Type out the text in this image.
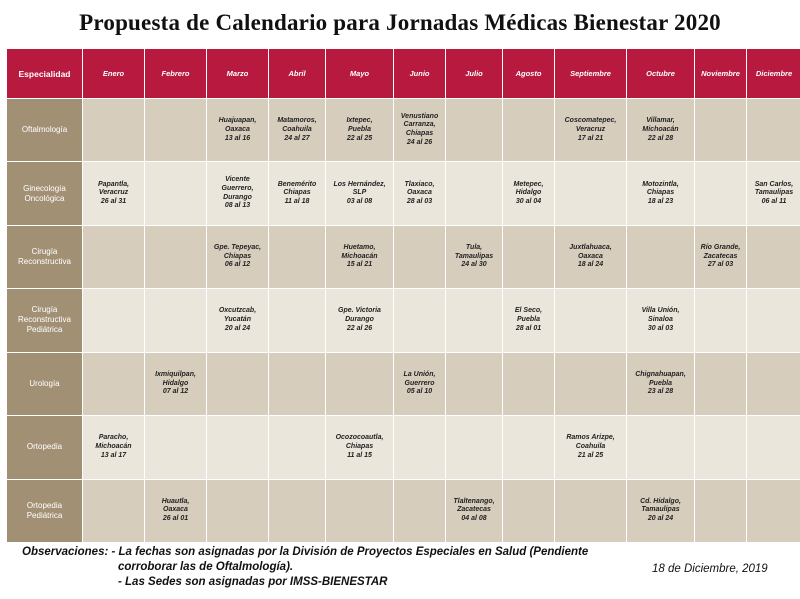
Propuesta de Calendario para Jornadas Médicas Bienestar 2020
Especialidad	Enero	Febrero	Marzo	Abril	Mayo	Junio	Julio	Agosto	Septiembre	Octubre	Noviembre	Diciembre
Oftalmología			Huajuapan,
Oaxaca
13 al 16	Matamoros,
Coahuila
24 al 27	Ixtepec,
Puebla
22 al 25	Venustiano
Carranza,
Chiapas
24 al 26			Coscomatepec,
Veracruz
17 al 21	Villamar,
Michoacán
22 al 28		
Ginecología
Oncológica	Papantla,
Veracruz
26 al 31		Vicente
Guerrero,
Durango
08 al 13	Benemérito
Chiapas
11 al 18	Los Hernández,
SLP
03 al 08	Tlaxiaco,
Oaxaca
28 al 03		Metepec,
Hidalgo
30 al 04		Motozintla,
Chiapas
18 al 23		San Carlos,
Tamaulipas
06 al 11
Cirugía
Reconstructiva			Gpe. Tepeyac,
Chiapas
06 al 12		Huetamo,
Michoacán
15 al 21		Tula,
Tamaulipas
24 al 30		Juxtlahuaca,
Oaxaca
18 al 24		Río Grande,
Zacatecas
27 al 03	
Cirugía
Reconstructiva
Pediátrica			Oxcutzcab,
Yucatán
20 al 24		Gpe. Victoria
Durango
22 al 26			El Seco,
Puebla
28 al 01		Villa Unión, Sinaloa
30 al 03		
Urología		Ixmiquilpan,
Hidalgo
07 al 12				La Unión,
Guerrero
05 al 10				Chignahuapan,
Puebla
23 al 28		
Ortopedia	Paracho,
Michoacán
13 al 17				Ocozocoautla,
Chiapas
11 al 15				Ramos Arizpe,
Coahuila
21 al 25			
Ortopedia
Pediátrica		Huautla,
Oaxaca
26 al 01					Tlaltenango,
Zacatecas
04 al 08			Cd. Hidalgo,
Tamaulipas
20 al 24		
Observaciones: - La fechas son asignadas por la División de Proyectos Especiales en Salud (Pendiente
corroborar las de Oftalmología).
- Las Sedes son asignadas por IMSS-BIENESTAR
18 de Diciembre, 2019
